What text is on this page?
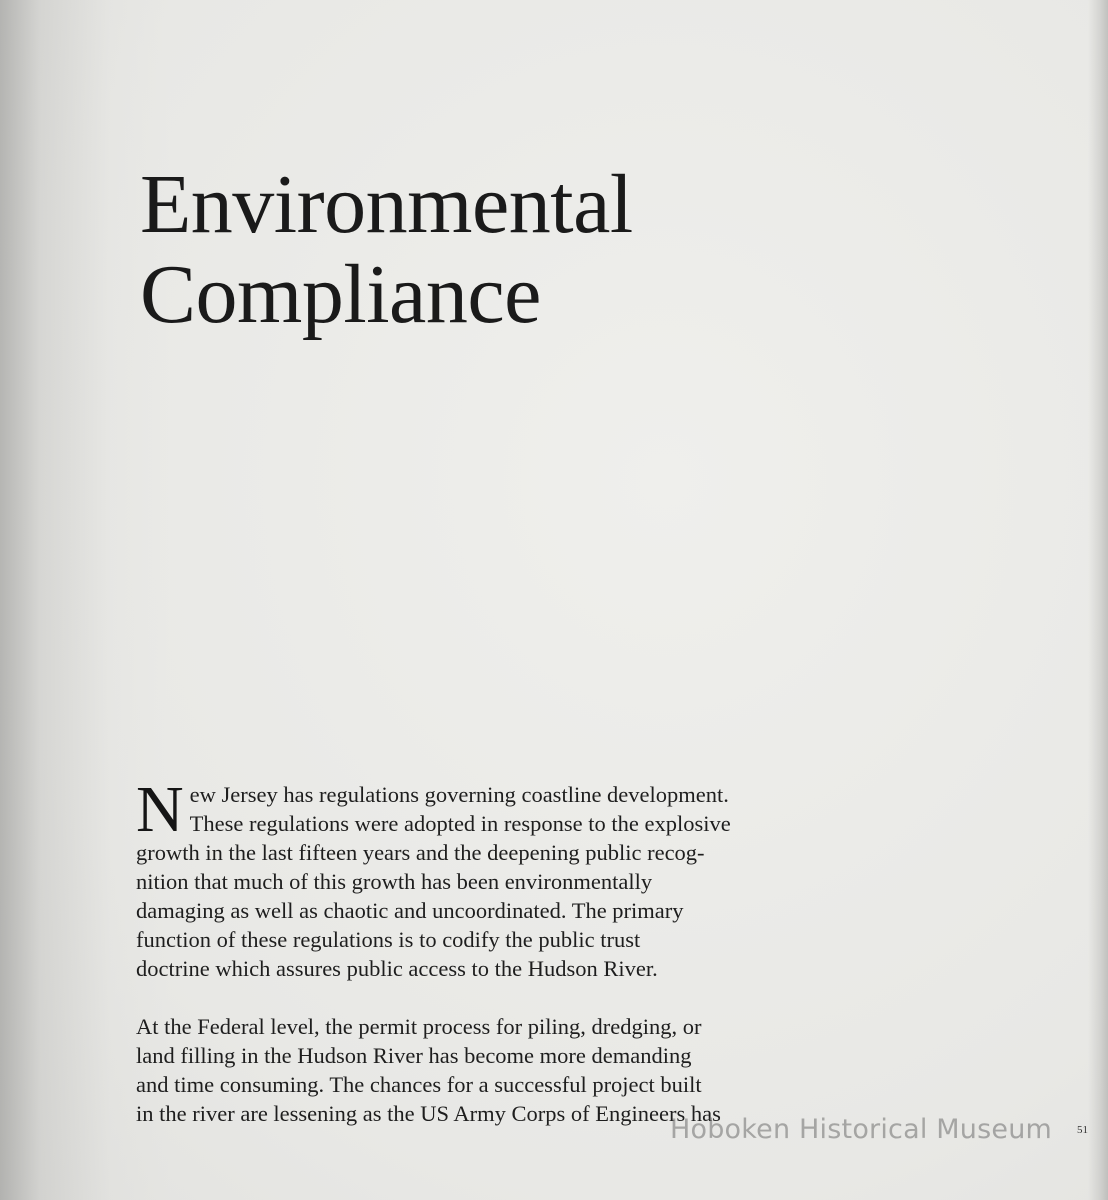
Environmental
Compliance

N ew Jersey has regulations governing coastline development.
These regulations were adopted in response to the explosive
growth in the last fifteen years and the deepening public recog-
nition that much of this growth has been environmentally
damaging as well as chaotic and uncoordinated. The primary
function of these regulations is to codify the public trust
doctrine which assures public access to the Hudson River.

At the Federal level, the permit process for piling, dredging, or
land filling in the Hudson River has become more demanding
and time consuming. The chances for a successful project built
in the river are lessening as the US Army Corps of Engineers has

Hoboken Historical Museum 51
